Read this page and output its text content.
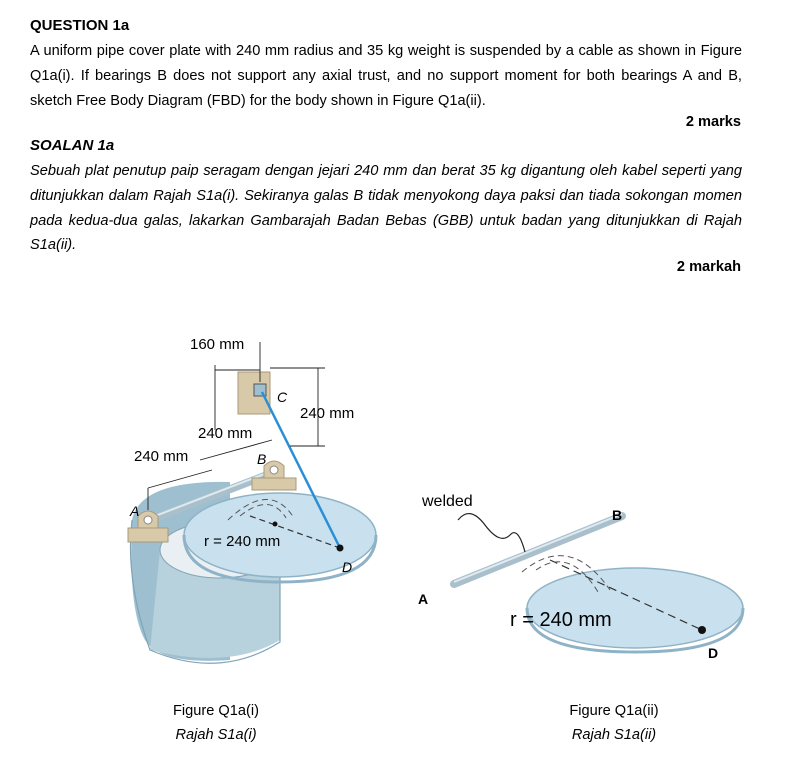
QUESTION 1a
A uniform pipe cover plate with 240 mm radius and 35 kg weight is suspended by a cable as shown in Figure Q1a(i). If bearings B does not support any axial trust, and no support moment for both bearings A and B, sketch Free Body Diagram (FBD) for the body shown in Figure Q1a(ii).
2 marks
SOALAN 1a
Sebuah plat penutup paip seragam dengan jejari 240 mm dan berat 35 kg digantung oleh kabel seperti yang ditunjukkan dalam Rajah S1a(i). Sekiranya galas B tidak menyokong daya paksi dan tiada sokongan momen pada kedua-dua galas, lakarkan Gambarajah Badan Bebas (GBB) untuk badan yang ditunjukkan di Rajah S1a(ii).
2 markah
160 mm
240 mm
240 mm
240 mm
A
B
C
D
r = 240 mm
Figure Q1a(i)
Rajah S1a(i)
welded
A
B
D
r = 240 mm
Figure Q1a(ii)
Rajah S1a(ii)
